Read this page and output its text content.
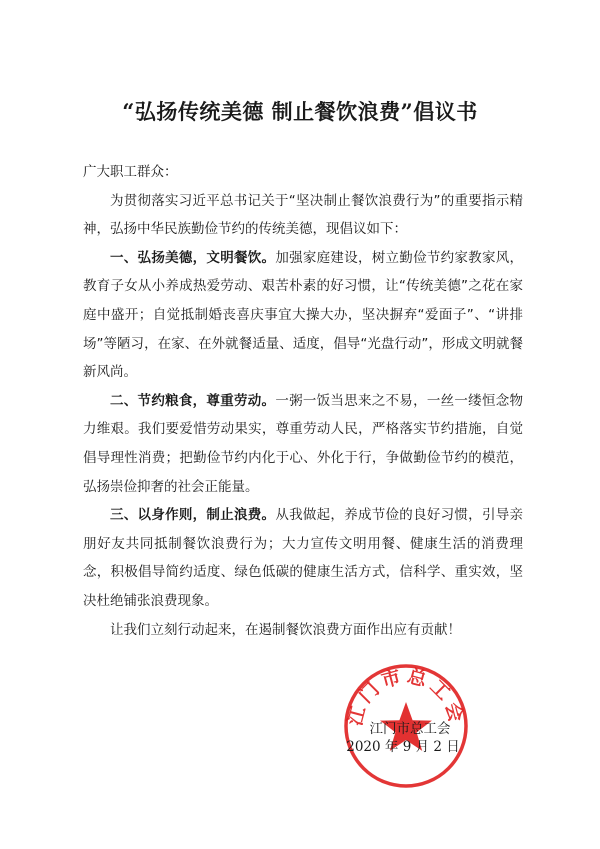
“弘扬传统美德 制止餐饮浪费”倡议书

广大职工群众：

为贯彻落实习近平总书记关于“坚决制止餐饮浪费行为”的重要指示精神，弘扬中华民族勤俭节约的传统美德，现倡议如下：

一、弘扬美德，文明餐饮。加强家庭建设，树立勤俭节约家教家风，教育子女从小养成热爱劳动、艰苦朴素的好习惯，让“传统美德”之花在家庭中盛开；自觉抵制婚丧喜庆事宜大操大办，坚决摒弃“爱面子”、“讲排场”等陋习，在家、在外就餐适量、适度，倡导“光盘行动”，形成文明就餐新风尚。

二、节约粮食，尊重劳动。一粥一饭当思来之不易，一丝一缕恒念物力维艰。我们要爱惜劳动果实，尊重劳动人民，严格落实节约措施，自觉倡导理性消费；把勤俭节约内化于心、外化于行，争做勤俭节约的模范，弘扬崇俭抑奢的社会正能量。

三、以身作则，制止浪费。从我做起，养成节俭的良好习惯，引导亲朋好友共同抵制餐饮浪费行为；大力宣传文明用餐、健康生活的消费理念，积极倡导简约适度、绿色低碳的健康生活方式，信科学、重实效，坚决杜绝铺张浪费现象。

让我们立刻行动起来，在遏制餐饮浪费方面作出应有贡献！

江门市总工会
江门市总工会
2020 年 9 月 2 日
